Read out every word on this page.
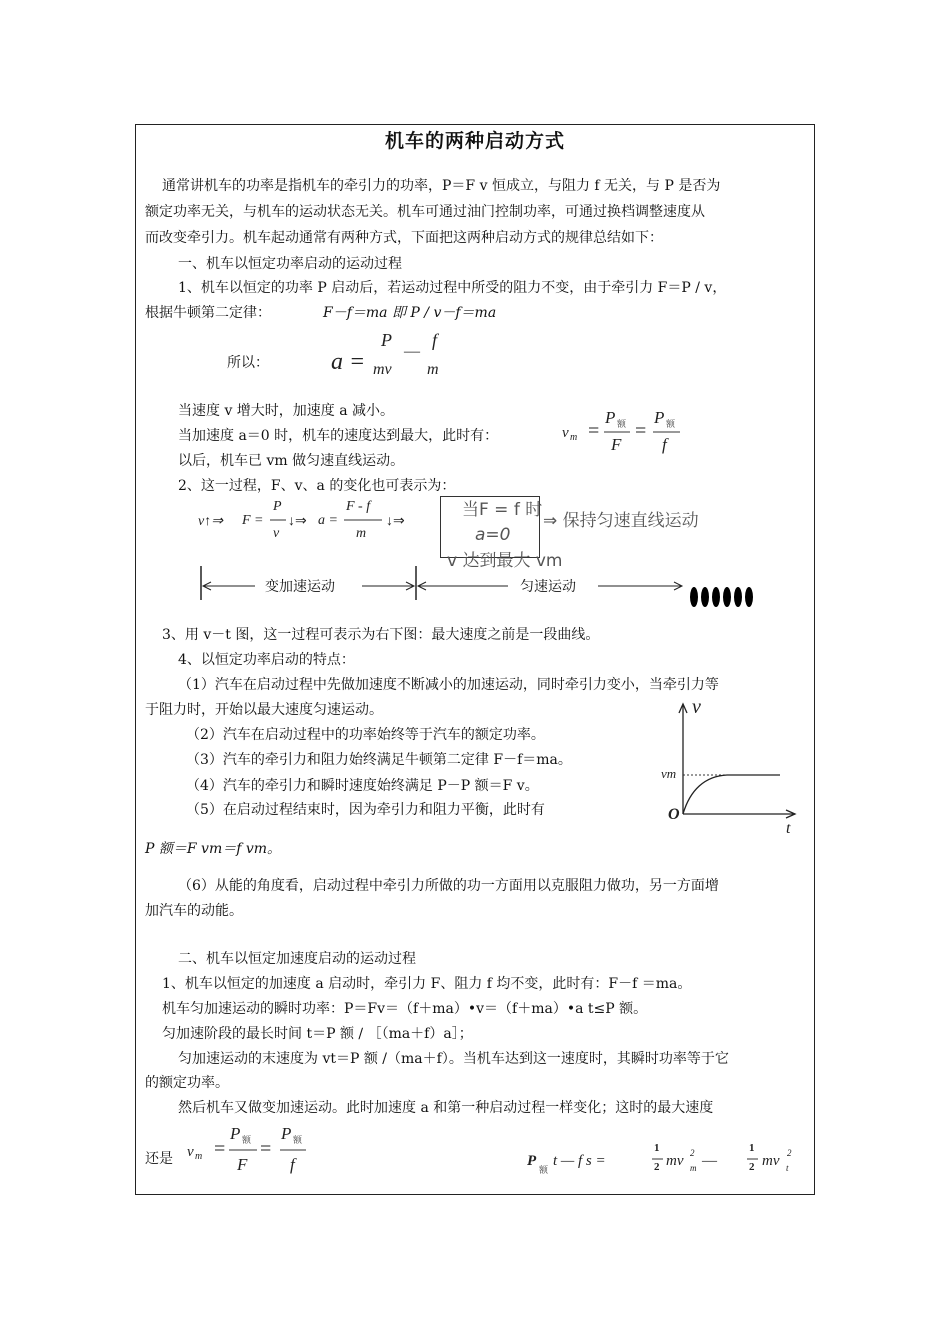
机车的两种启动方式
通常讲机车的功率是指机车的牵引力的功率，P＝F v 恒成立，与阻力 f 无关，与 P 是否为
额定功率无关，与机车的运动状态无关。机车可通过油门控制功率，可通过换档调整速度从
而改变牵引力。机车起动通常有两种方式，下面把这两种启动方式的规律总结如下：
一、机车以恒定功率启动的运动过程
1、机车以恒定的功率 P 启动后，若运动过程中所受的阻力不变，由于牵引力 F＝P / v，
根据牛顿第二定律：	F－f＝ma 即 P / v－f＝ma
所以：	a =
P
mv
—
f
m
当速度 v 增大时，加速度 a 减小。
当加速度 a＝0 时，机车的速度达到最大，此时有：	v m =
P 额
F
=
P 额
f
以后，机车已 vm 做匀速直线运动。
2、这一过程，F、v、a 的变化也可表示为：
v↑⇒ F =
P
v
↓⇒ a =
F - f
m
↓⇒
当F = f 时
a=0
v 达到最大 vm
⇒ 保持匀速直线运动
变加速运动	匀速运动
3、用 v－t 图，这一过程可表示为右下图：最大速度之前是一段曲线。
4、以恒定功率启动的特点：
（1）汽车在启动过程中先做加速度不断减小的加速运动，同时牵引力变小，当牵引力等
于阻力时，开始以最大速度匀速运动。
（2）汽车在启动过程中的功率始终等于汽车的额定功率。
（3）汽车的牵引力和阻力始终满足牛顿第二定律 F－f＝ma。
（4）汽车的牵引力和瞬时速度始终满足 P－P 额＝F v。
（5）在启动过程结束时，因为牵引力和阻力平衡，此时有
P 额＝F vm＝f vm。
（6）从能的角度看，启动过程中牵引力所做的功一方面用以克服阻力做功，另一方面增
加汽车的动能。
v
t
O
vm
二、机车以恒定加速度启动的运动过程
1、机车以恒定的加速度 a 启动时，牵引力 F、阻力 f 均不变，此时有：F－f ＝ma。
机车匀加速运动的瞬时功率：P＝Fv＝（f＋ma）•v＝（f＋ma）•a t≤P 额。
匀加速阶段的最长时间 t＝P 额 ∕ ［（ma＋f）a］；
匀加速运动的末速度为 vt＝P 额 /（ma＋f）。当机车达到这一速度时，其瞬时功率等于它
的额定功率。
然后机车又做变加速运动。此时加速度 a 和第一种启动过程一样变化；这时的最大速度
还是 v m =
P 额
F
=
P 额
f	P
额
t — f s =
1
2 mv m
2 —
1
2 mv t
2
